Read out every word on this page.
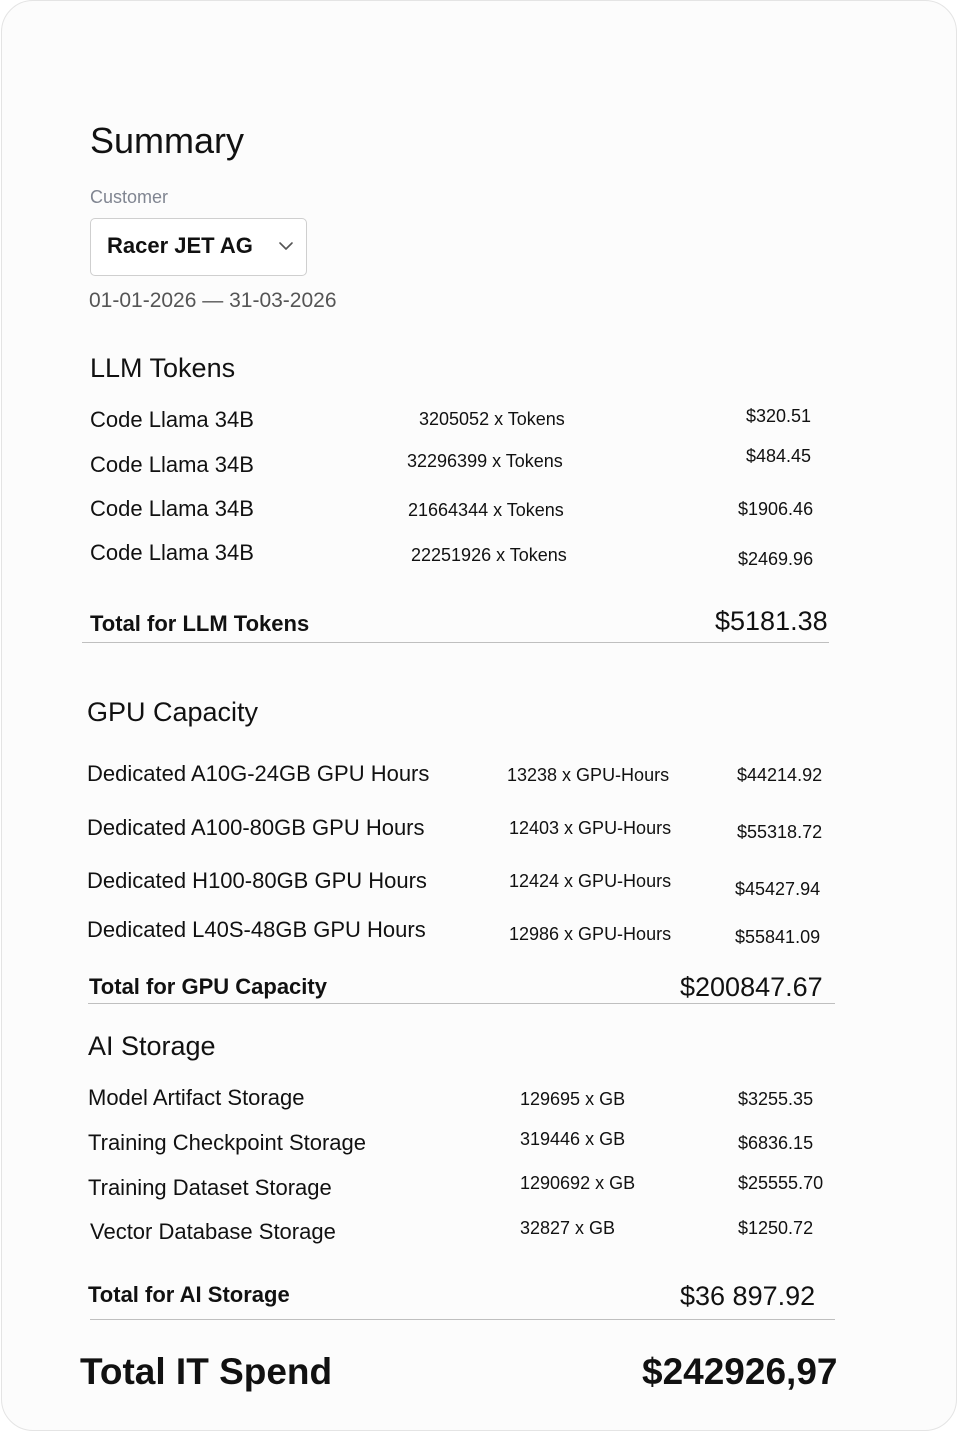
Summary
Customer
Racer JET AG
01-01-2026 — 31-03-2026
LLM Tokens
Code Llama 34B	3205052 x Tokens	$320.51
Code Llama 34B	32296399 x Tokens	$484.45
Code Llama 34B	21664344 x Tokens	$1906.46
Code Llama 34B	22251926 x Tokens	$2469.96
Total for LLM Tokens	$5181.38
GPU Capacity
Dedicated A10G-24GB GPU Hours	13238 x GPU-Hours	$44214.92
Dedicated A100-80GB GPU Hours	12403 x GPU-Hours	$55318.72
Dedicated H100-80GB GPU Hours	12424 x GPU-Hours	$45427.94
Dedicated L40S-48GB GPU Hours	12986 x GPU-Hours	$55841.09
Total for GPU Capacity	$200847.67
AI Storage
Model Artifact Storage	129695 x GB	$3255.35
Training Checkpoint Storage	319446 x GB	$6836.15
Training Dataset Storage	1290692 x GB	$25555.70
Vector Database Storage	32827 x GB	$1250.72
Total for AI Storage	$36 897.92
Total IT Spend	$242926,97
